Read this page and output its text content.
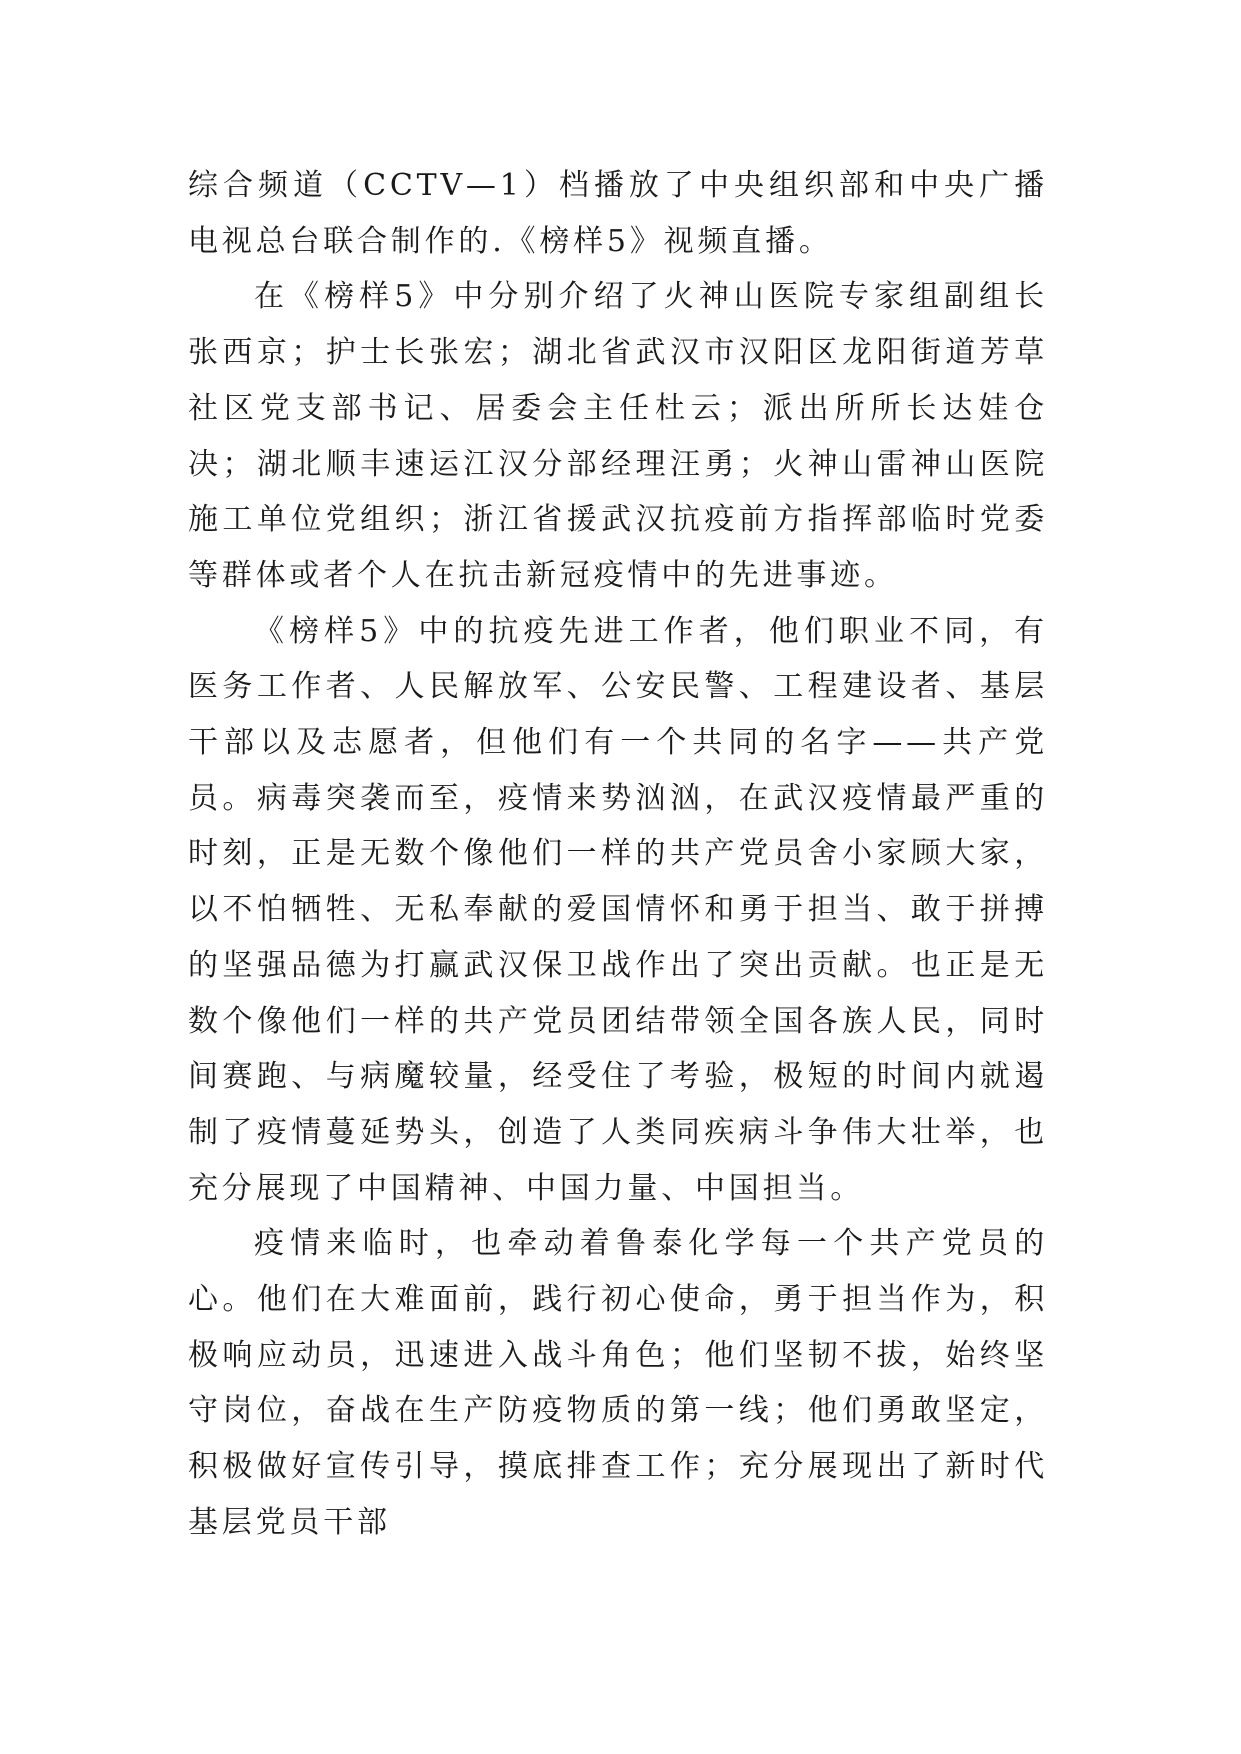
综合频道（CCTV—1）档播放了中央组织部和中央广播电视总台联合制作的.《榜样5》视频直播。

在《榜样5》中分别介绍了火神山医院专家组副组长张西京；护士长张宏；湖北省武汉市汉阳区龙阳街道芳草社区党支部书记、居委会主任杜云；派出所所长达娃仓决；湖北顺丰速运江汉分部经理汪勇；火神山雷神山医院施工单位党组织；浙江省援武汉抗疫前方指挥部临时党委等群体或者个人在抗击新冠疫情中的先进事迹。

《榜样5》中的抗疫先进工作者，他们职业不同，有医务工作者、人民解放军、公安民警、工程建设者、基层干部以及志愿者，但他们有一个共同的名字——共产党员。病毒突袭而至，疫情来势汹汹，在武汉疫情最严重的时刻，正是无数个像他们一样的共产党员舍小家顾大家，以不怕牺牲、无私奉献的爱国情怀和勇于担当、敢于拼搏的坚强品德为打赢武汉保卫战作出了突出贡献。也正是无数个像他们一样的共产党员团结带领全国各族人民，同时间赛跑、与病魔较量，经受住了考验，极短的时间内就遏制了疫情蔓延势头，创造了人类同疾病斗争伟大壮举，也充分展现了中国精神、中国力量、中国担当。

疫情来临时，也牵动着鲁泰化学每一个共产党员的心。他们在大难面前，践行初心使命，勇于担当作为，积极响应动员，迅速进入战斗角色；他们坚韧不拔，始终坚守岗位，奋战在生产防疫物质的第一线；他们勇敢坚定，积极做好宣传引导，摸底排查工作；充分展现出了新时代基层党员干部
